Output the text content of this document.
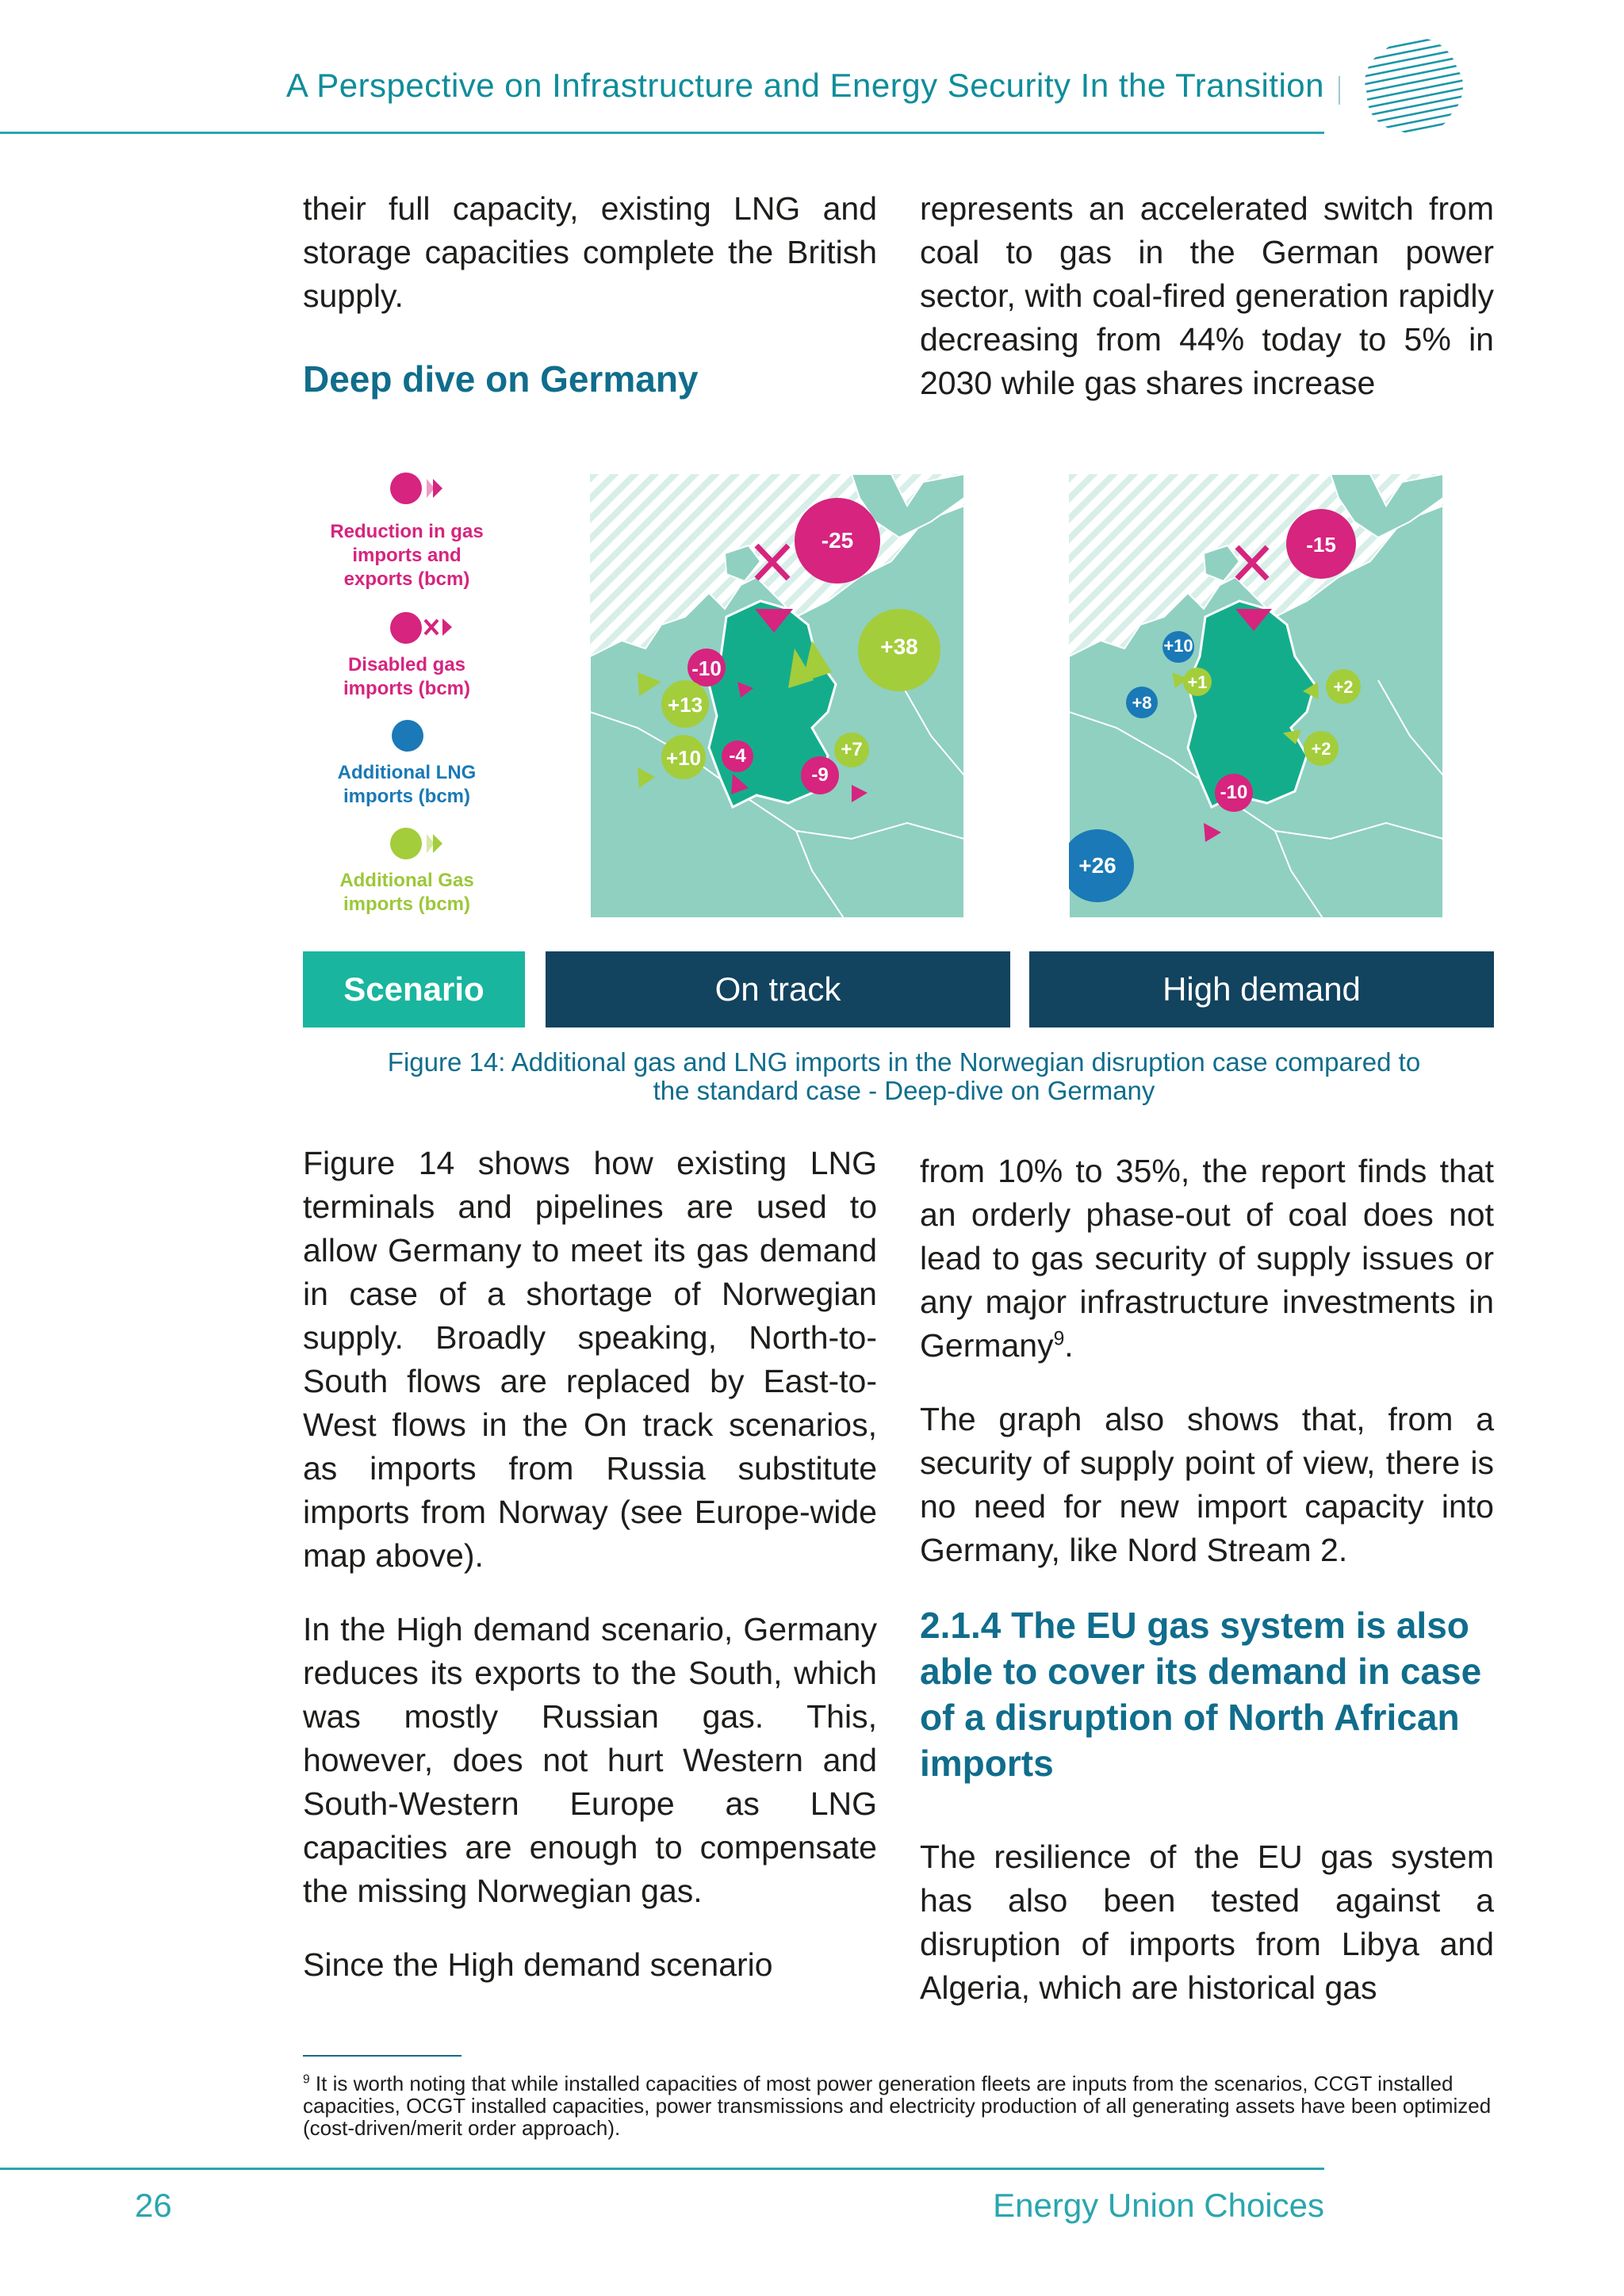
A Perspective on Infrastructure and Energy Security In the Transition

their full capacity, existing LNG and storage capacities complete the British supply.

Deep dive on Germany

represents an accelerated switch from coal to gas in the German power sector, with coal-fired generation rapidly decreasing from 44% today to 5% in 2030 while gas shares increase

Reduction in gas imports and exports (bcm)
Disabled gas imports (bcm)
Additional LNG imports (bcm)
Additional Gas imports (bcm)
-25
+38
-10
+13
+10	-4	+7
-9
-15
+10
+1
+8
+2
+2
-10
+26
Scenario	On track	High demand
Figure 14: Additional gas and LNG imports in the Norwegian disruption case compared to
the standard case - Deep-dive on Germany

Figure 14 shows how existing LNG terminals and pipelines are used to allow Germany to meet its gas demand in case of a shortage of Norwegian supply. Broadly speaking, North-to-South flows are replaced by East-to-West flows in the On track scenarios, as imports from Russia substitute imports from Norway (see Europe-wide map above).

In the High demand scenario, Germany reduces its exports to the South, which was mostly Russian gas. This, however, does not hurt Western and South-Western Europe as LNG capacities are enough to compensate the missing Norwegian gas.

Since the High demand scenario

from 10% to 35%, the report finds that an orderly phase-out of coal does not lead to gas security of supply issues or any major infrastructure investments in Germany$^9$.

The graph also shows that, from a security of supply point of view, there is no need for new import capacity into Germany, like Nord Stream 2.

2.1.4 The EU gas system is also able to cover its demand in case of a disruption of North African imports

The resilience of the EU gas system has also been tested against a disruption of imports from Libya and Algeria, which are historical gas

$^9$ It is worth noting that while installed capacities of most power generation fleets are inputs from the scenarios, CCGT installed capacities, OCGT installed capacities, power transmissions and electricity production of all generating assets have been optimized (cost-driven/merit order approach).
26	Energy Union Choices
